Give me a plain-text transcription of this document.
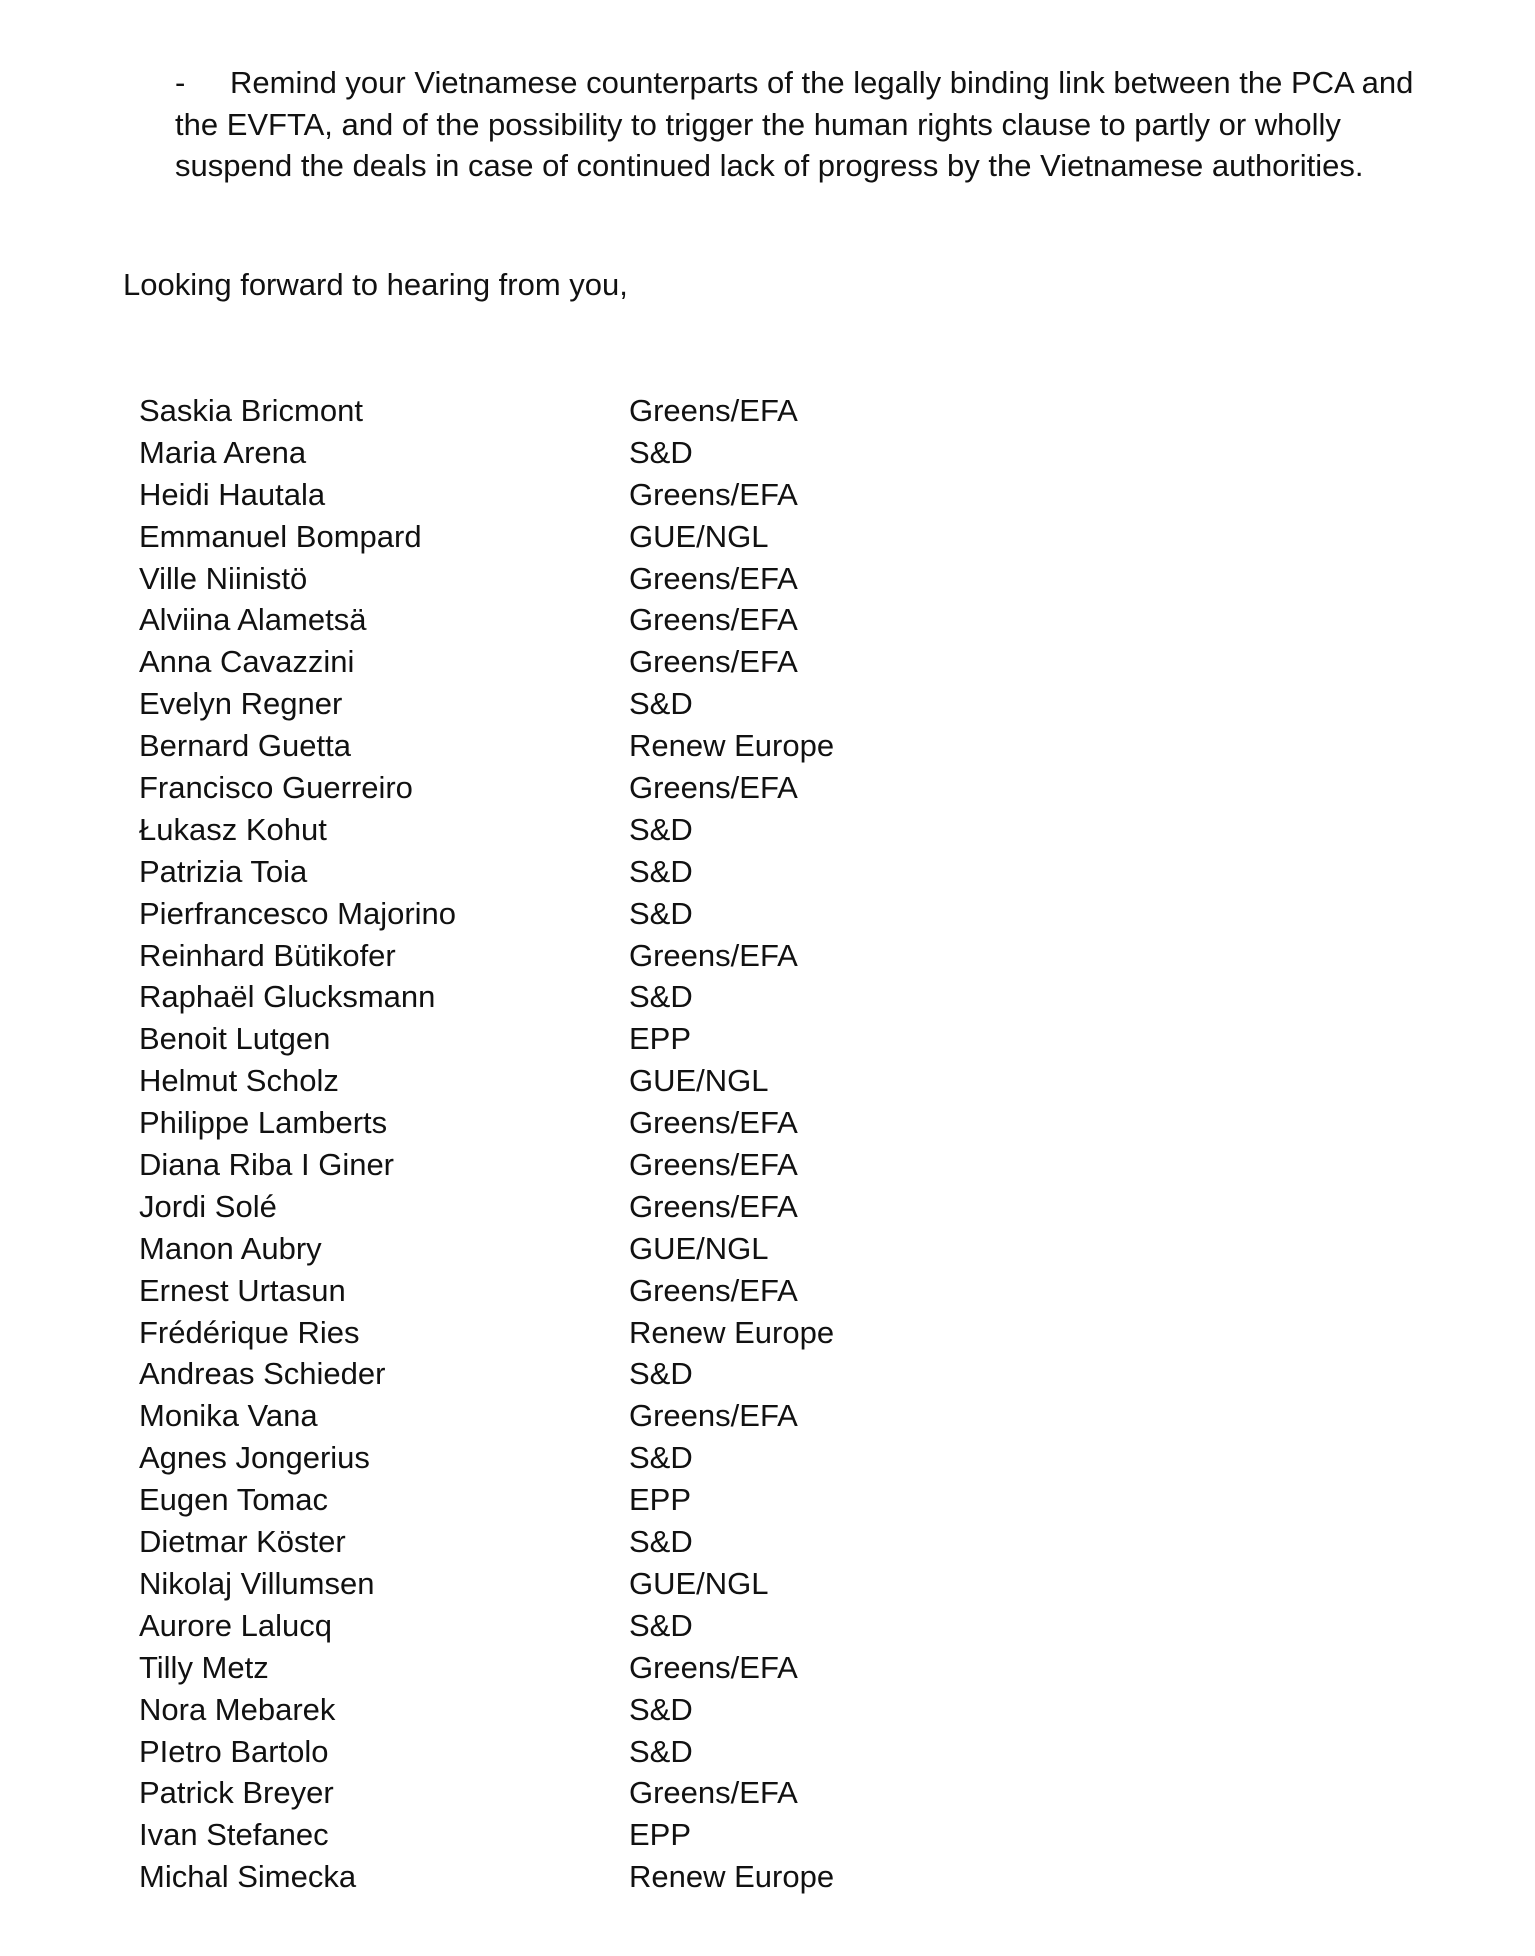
- Remind your Vietnamese counterparts of the legally binding link between the PCA and
the EVFTA, and of the possibility to trigger the human rights clause to partly or wholly
suspend the deals in case of continued lack of progress by the Vietnamese authorities.
Looking forward to hearing from you,
Saskia Bricmont	Greens/EFA
Maria Arena	S&D
Heidi Hautala	Greens/EFA
Emmanuel Bompard	GUE/NGL
Ville Niinistö	Greens/EFA
Alviina Alametsä	Greens/EFA
Anna Cavazzini	Greens/EFA
Evelyn Regner	S&D
Bernard Guetta	Renew Europe
Francisco Guerreiro	Greens/EFA
Łukasz Kohut	S&D
Patrizia Toia	S&D
Pierfrancesco Majorino	S&D
Reinhard Bütikofer	Greens/EFA
Raphaël Glucksmann	S&D
Benoit Lutgen	EPP
Helmut Scholz	GUE/NGL
Philippe Lamberts	Greens/EFA
Diana Riba I Giner	Greens/EFA
Jordi Solé	Greens/EFA
Manon Aubry	GUE/NGL
Ernest Urtasun	Greens/EFA
Frédérique Ries	Renew Europe
Andreas Schieder	S&D
Monika Vana	Greens/EFA
Agnes Jongerius	S&D
Eugen Tomac	EPP
Dietmar Köster	S&D
Nikolaj Villumsen	GUE/NGL
Aurore Lalucq	S&D
Tilly Metz	Greens/EFA
Nora Mebarek	S&D
PIetro Bartolo	S&D
Patrick Breyer	Greens/EFA
Ivan Stefanec	EPP
Michal Simecka	Renew Europe
